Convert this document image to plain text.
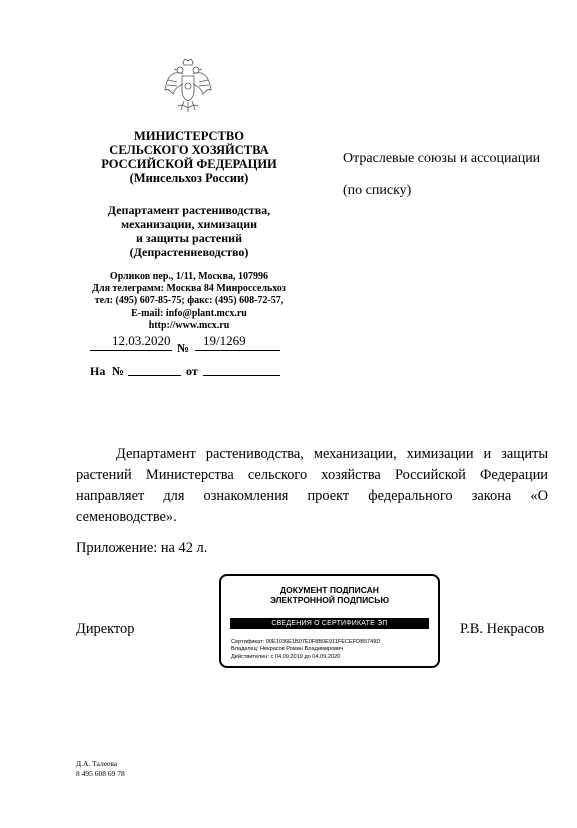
МИНИСТЕРСТВО
СЕЛЬСКОГО ХОЗЯЙСТВА
РОССИЙСКОЙ ФЕДЕРАЦИИ
(Минсельхоз России)
Департамент растениводства,
механизации, химизации
и защиты растений
(Депрастениеводство)
Орликов пер., 1/11, Москва, 107996
Для телеграмм: Москва 84 Минроссельхоз
тел: (495) 607-85-75; факс: (495) 608-72-57,
E-mail: info@plant.mcx.ru
http://www.mcx.ru
12.03.2020 № 19/1269
На №	от
Отраслевые союзы и ассоциации
(по списку)
Департамент растениводства, механизации, химизации и защиты растений Министерства сельского хозяйства Российской Федерации направляет для ознакомления проект федерального закона «О семеноводстве».
Приложение: на 42 л.
Директор	Р.В. Некрасов
ДОКУМЕНТ ПОДПИСАН
ЭЛЕКТРОННОЙ ПОДПИСЬЮ
СВЕДЕНИЯ О СЕРТИФИКАТЕ ЭП
Сертификат: 00E1036E1B07E0F8B0E911FECEFDB5749D
Владелец: Некрасов Роман Владимирович
Действителен: с 04.09.2019 до 04.09.2020
Д.А. Талеева
8 495 608 69 78
